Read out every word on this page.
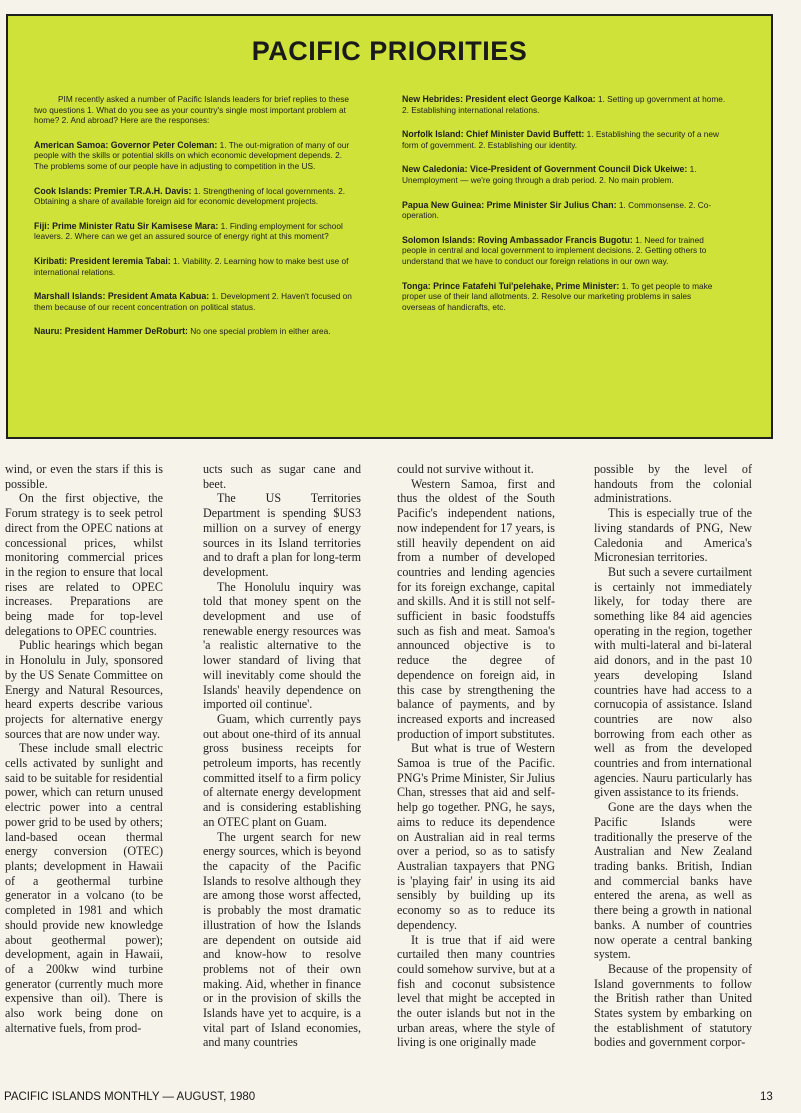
PACIFIC PRIORITIES

PIM recently asked a number of Pacific Islands leaders for brief replies to these two questions 1. What do you see as your country's single most important problem at home? 2. And abroad? Here are the responses:

American Samoa: Governor Peter Coleman: 1. The out-migration of many of our people with the skills or potential skills on which economic development depends. 2. The problems some of our people have in adjusting to competition in the US.

Cook Islands: Premier T.R.A.H. Davis: 1. Strengthening of local governments. 2. Obtaining a share of available foreign aid for economic development projects.

Fiji: Prime Minister Ratu Sir Kamisese Mara: 1. Finding employment for school leavers. 2. Where can we get an assured source of energy right at this moment?

Kiribati: President Ieremia Tabai: 1. Viability. 2. Learning how to make best use of international relations.

Marshall Islands: President Amata Kabua: 1. Development 2. Haven't focused on them because of our recent concentration on political status.

Nauru: President Hammer DeRoburt: No one special problem in either area.

New Hebrides: President elect George Kalkoa: 1. Setting up government at home. 2. Establishing international relations.

Norfolk Island: Chief Minister David Buffett: 1. Establishing the security of a new form of government. 2. Establishing our identity.

New Caledonia: Vice-President of Government Council Dick Ukeiwe: 1. Unemployment — we're going through a drab period. 2. No main problem.

Papua New Guinea: Prime Minister Sir Julius Chan: 1. Commonsense. 2. Co-operation.

Solomon Islands: Roving Ambassador Francis Bugotu: 1. Need for trained people in central and local government to implement decisions. 2. Getting others to understand that we have to conduct our foreign relations in our own way.

Tonga: Prince Fatafehi Tui'pelehake, Prime Minister: 1. To get people to make proper use of their land allotments. 2. Resolve our marketing problems in sales overseas of handicrafts, etc.

wind, or even the stars if this is possible.

On the first objective, the Forum strategy is to seek petrol direct from the OPEC nations at concessional prices, whilst monitoring commercial prices in the region to ensure that local rises are related to OPEC increases. Preparations are being made for top-level delegations to OPEC countries.

Public hearings which began in Honolulu in July, sponsored by the US Senate Committee on Energy and Natural Resources, heard experts describe various projects for alternative energy sources that are now under way.

These include small electric cells activated by sunlight and said to be suitable for residential power, which can return unused electric power into a central power grid to be used by others; land-based ocean thermal energy conversion (OTEC) plants; development in Hawaii of a geothermal turbine generator in a volcano (to be completed in 1981 and which should provide new knowledge about geothermal power); development, again in Hawaii, of a 200kw wind turbine generator (currently much more expensive than oil). There is also work being done on alternative fuels, from prod-

ucts such as sugar cane and beet.

The US Territories Department is spending $US3 million on a survey of energy sources in its Island territories and to draft a plan for long-term development.

The Honolulu inquiry was told that money spent on the development and use of renewable energy resources was 'a realistic alternative to the lower standard of living that will inevitably come should the Islands' heavily dependence on imported oil continue'.

Guam, which currently pays out about one-third of its annual gross business receipts for petroleum imports, has recently committed itself to a firm policy of alternate energy development and is considering establishing an OTEC plant on Guam.

The urgent search for new energy sources, which is beyond the capacity of the Pacific Islands to resolve although they are among those worst affected, is probably the most dramatic illustration of how the Islands are dependent on outside aid and know-how to resolve problems not of their own making. Aid, whether in finance or in the provision of skills the Islands have yet to acquire, is a vital part of Island economies, and many countries

could not survive without it.

Western Samoa, first and thus the oldest of the South Pacific's independent nations, now independent for 17 years, is still heavily dependent on aid from a number of developed countries and lending agencies for its foreign exchange, capital and skills. And it is still not self-sufficient in basic foodstuffs such as fish and meat. Samoa's announced objective is to reduce the degree of dependence on foreign aid, in this case by strengthening the balance of payments, and by increased exports and increased production of import substitutes.

But what is true of Western Samoa is true of the Pacific. PNG's Prime Minister, Sir Julius Chan, stresses that aid and self-help go together. PNG, he says, aims to reduce its dependence on Australian aid in real terms over a period, so as to satisfy Australian taxpayers that PNG is 'playing fair' in using its aid sensibly by building up its economy so as to reduce its dependency.

It is true that if aid were curtailed then many countries could somehow survive, but at a fish and coconut subsistence level that might be accepted in the outer islands but not in the urban areas, where the style of living is one originally made

possible by the level of handouts from the colonial administrations.

This is especially true of the living standards of PNG, New Caledonia and America's Micronesian territories.

But such a severe curtailment is certainly not immediately likely, for today there are something like 84 aid agencies operating in the region, together with multi-lateral and bi-lateral aid donors, and in the past 10 years developing Island countries have had access to a cornucopia of assistance. Island countries are now also borrowing from each other as well as from the developed countries and from international agencies. Nauru particularly has given assistance to its friends.

Gone are the days when the Pacific Islands were traditionally the preserve of the Australian and New Zealand trading banks. British, Indian and commercial banks have entered the arena, as well as there being a growth in national banks. A number of countries now operate a central banking system.

Because of the propensity of Island governments to follow the British rather than United States system by embarking on the establishment of statutory bodies and government corpor-

PACIFIC ISLANDS MONTHLY — AUGUST, 1980	13
